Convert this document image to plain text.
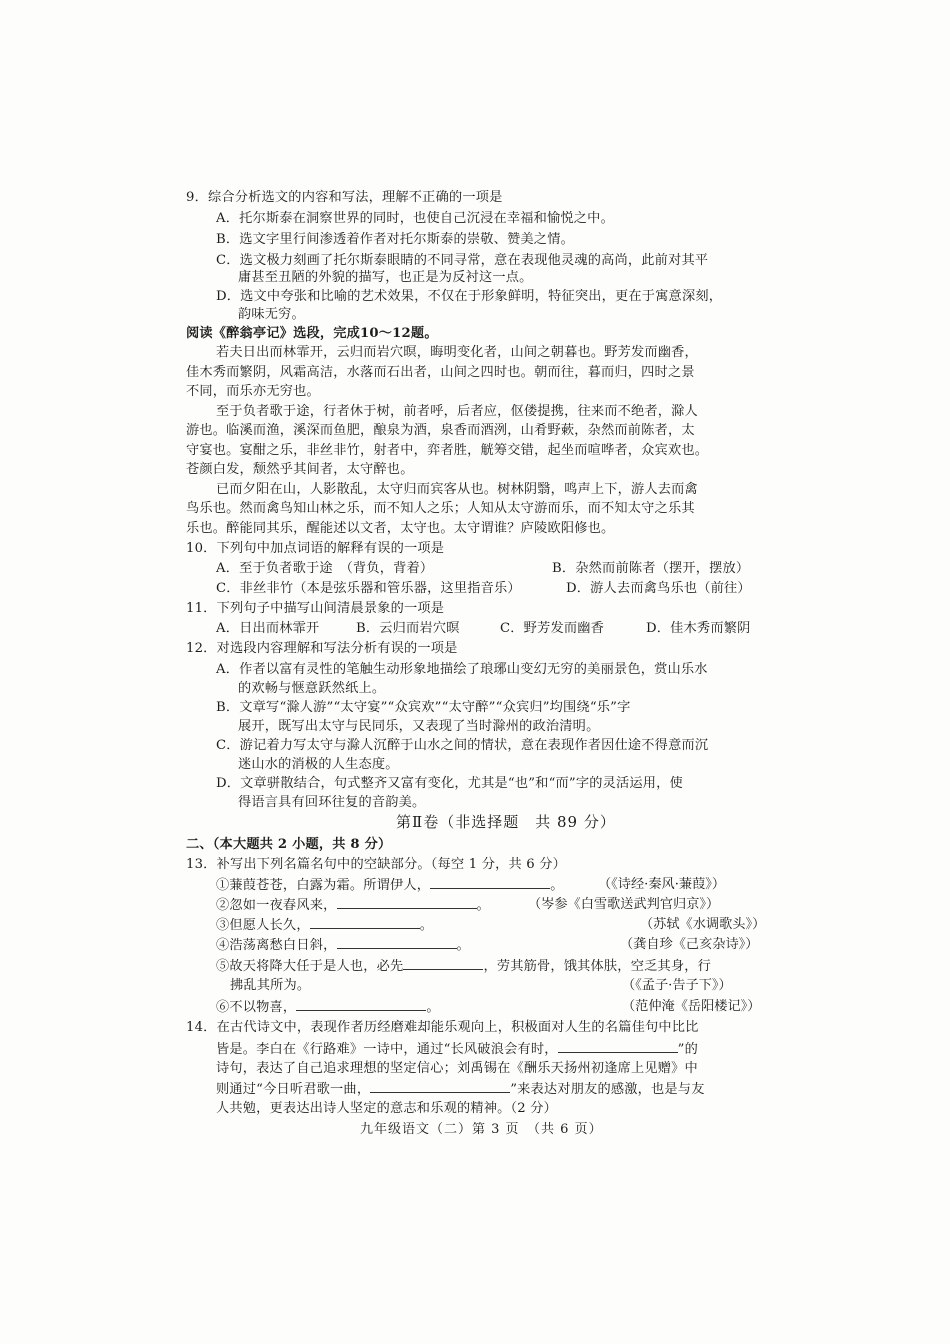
9．综合分析选文的内容和写法，理解不正确的一项是
A．托尔斯泰在洞察世界的同时，也使自己沉浸在幸福和愉悦之中。
B．选文字里行间渗透着作者对托尔斯泰的崇敬、赞美之情。
C．选文极力刻画了托尔斯泰眼睛的不同寻常，意在表现他灵魂的高尚，此前对其平
庸甚至丑陋的外貌的描写，也正是为反衬这一点。
D．选文中夸张和比喻的艺术效果，不仅在于形象鲜明，特征突出，更在于寓意深刻，
韵味无穷。
阅读《醉翁亭记》选段，完成10～12题。
若夫日出而林霏开，云归而岩穴暝，晦明变化者，山间之朝暮也。野芳发而幽香，
佳木秀而繁阴，风霜高洁，水落而石出者，山间之四时也。朝而往，暮而归，四时之景
不同，而乐亦无穷也。
至于负者歌于途，行者休于树，前者呼，后者应，伛偻提携，往来而不绝者，滁人
游也。临溪而渔，溪深而鱼肥，酿泉为酒，泉香而酒洌，山肴野蔌，杂然而前陈者，太
守宴也。宴酣之乐，非丝非竹，射者中，弈者胜，觥筹交错，起坐而喧哗者，众宾欢也。
苍颜白发，颓然乎其间者，太守醉也。
已而夕阳在山，人影散乱，太守归而宾客从也。树林阴翳，鸣声上下，游人去而禽
鸟乐也。然而禽鸟知山林之乐，而不知人之乐；人知从太守游而乐，而不知太守之乐其
乐也。醉能同其乐，醒能述以文者，太守也。太守谓谁？庐陵欧阳修也。
10．下列句中加点词语的解释有误的一项是
A．至于负者歌于途　（背负，背着）	B．杂然而前陈者（摆开，摆放）
C．非丝非竹（本是弦乐器和管乐器，这里指音乐）	D．游人去而禽鸟乐也（前往）
11．下列句子中描写山间清晨景象的一项是
A．日出而林霏开	B．云归而岩穴暝	C．野芳发而幽香	D．佳木秀而繁阴
12．对选段内容理解和写法分析有误的一项是
A．作者以富有灵性的笔触生动形象地描绘了琅琊山变幻无穷的美丽景色，赏山乐水
的欢畅与惬意跃然纸上。
B．文章写“滁人游”“太守宴”“众宾欢”“太守醉”“众宾归”均围绕“乐”字
展开，既写出太守与民同乐，又表现了当时滁州的政治清明。
C．游记着力写太守与滁人沉醉于山水之间的情状，意在表现作者因仕途不得意而沉
迷山水的消极的人生态度。
D．文章骈散结合，句式整齐又富有变化，尤其是“也”和“而”字的灵活运用，使
得语言具有回环往复的音韵美。
第Ⅱ卷（非选择题　共 89 分）
二、（本大题共 2 小题，共 8 分）
13．补写出下列名篇名句中的空缺部分。（每空 1 分，共 6 分）
①蒹葭苍苍，白露为霜。所谓伊人，	。	（《诗经·秦风·蒹葭》）
②忽如一夜春风来，	。	（岑参《白雪歌送武判官归京》）
③但愿人长久，	。	（苏轼《水调歌头》）
④浩荡离愁白日斜，	。	（龚自珍《己亥杂诗》）
⑤故天将降大任于是人也，必先	，劳其筋骨，饿其体肤，空乏其身，行
拂乱其所为。	（《孟子·告子下》）
⑥不以物喜，	。	（范仲淹《岳阳楼记》）
14．在古代诗文中，表现作者历经磨难却能乐观向上，积极面对人生的名篇佳句中比比
皆是。李白在《行路难》一诗中，通过“长风破浪会有时，	”的
诗句，表达了自己追求理想的坚定信心；刘禹锡在《酬乐天扬州初逢席上见赠》中
则通过“今日听君歌一曲，	”来表达对朋友的感激，也是与友
人共勉，更表达出诗人坚定的意志和乐观的精神。（2 分）
九年级语文（二）第 3 页　（共 6 页）
